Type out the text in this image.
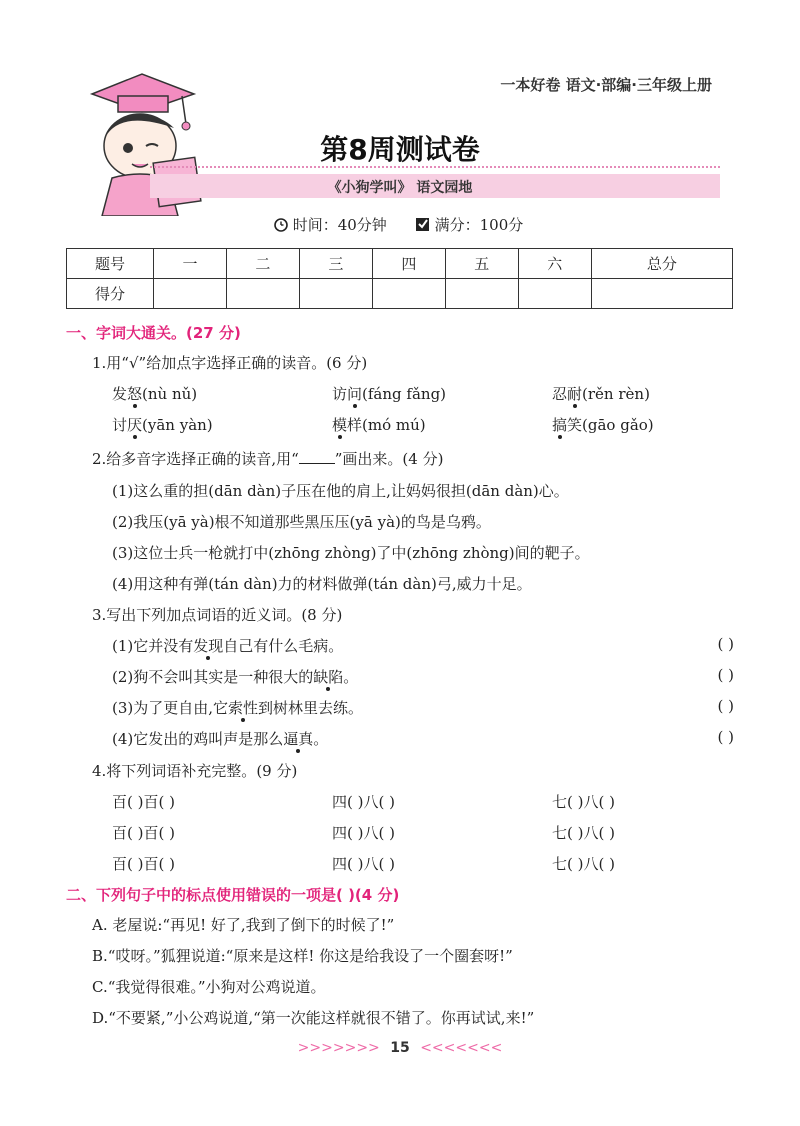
一本好卷 语文·部编·三年级上册
第8周测试卷
《小狗学叫》 语文园地
时间：40分钟	满分：100分
题号	一	二	三	四	五	六	总分
得分							
一、字词大通关。(27 分)
1.用“√”给加点字选择正确的读音。(6 分)
发怒(nù nǔ)	访问(fáng fǎng)	忍耐(rěn rèn)
讨厌(yān yàn)	模样(mó mú)	搞笑(gāo gǎo)
2.给多音字选择正确的读音,用“ ”画出来。(4 分)
(1)这么重的担(dān dàn)子压在他的肩上,让妈妈很担(dān dàn)心。
(2)我压(yā yà)根不知道那些黑压压(yā yà)的鸟是乌鸦。
(3)这位士兵一枪就打中(zhōng zhòng)了中(zhōng zhòng)间的靶子。
(4)用这种有弹(tán dàn)力的材料做弹(tán dàn)弓,威力十足。
3.写出下列加点词语的近义词。(8 分)
(1)它并没有发现自己有什么毛病。	( )
(2)狗不会叫其实是一种很大的缺陷。	( )
(3)为了更自由,它索性到树林里去练。	( )
(4)它发出的鸡叫声是那么逼真。	( )
4.将下列词语补充完整。(9 分)
百( )百( )	四( )八( )	七( )八( )
百( )百( )	四( )八( )	七( )八( )
百( )百( )	四( )八( )	七( )八( )
二、下列句子中的标点使用错误的一项是( )(4 分)
A. 老屋说:“再见! 好了,我到了倒下的时候了!”
B.“哎呀。”狐狸说道:“原来是这样! 你这是给我设了一个圈套呀!”
C.“我觉得很难。”小狗对公鸡说道。
D.“不要紧,”小公鸡说道,“第一次能这样就很不错了。你再试试,来!”
>>>>>>> 15 <<<<<<<
